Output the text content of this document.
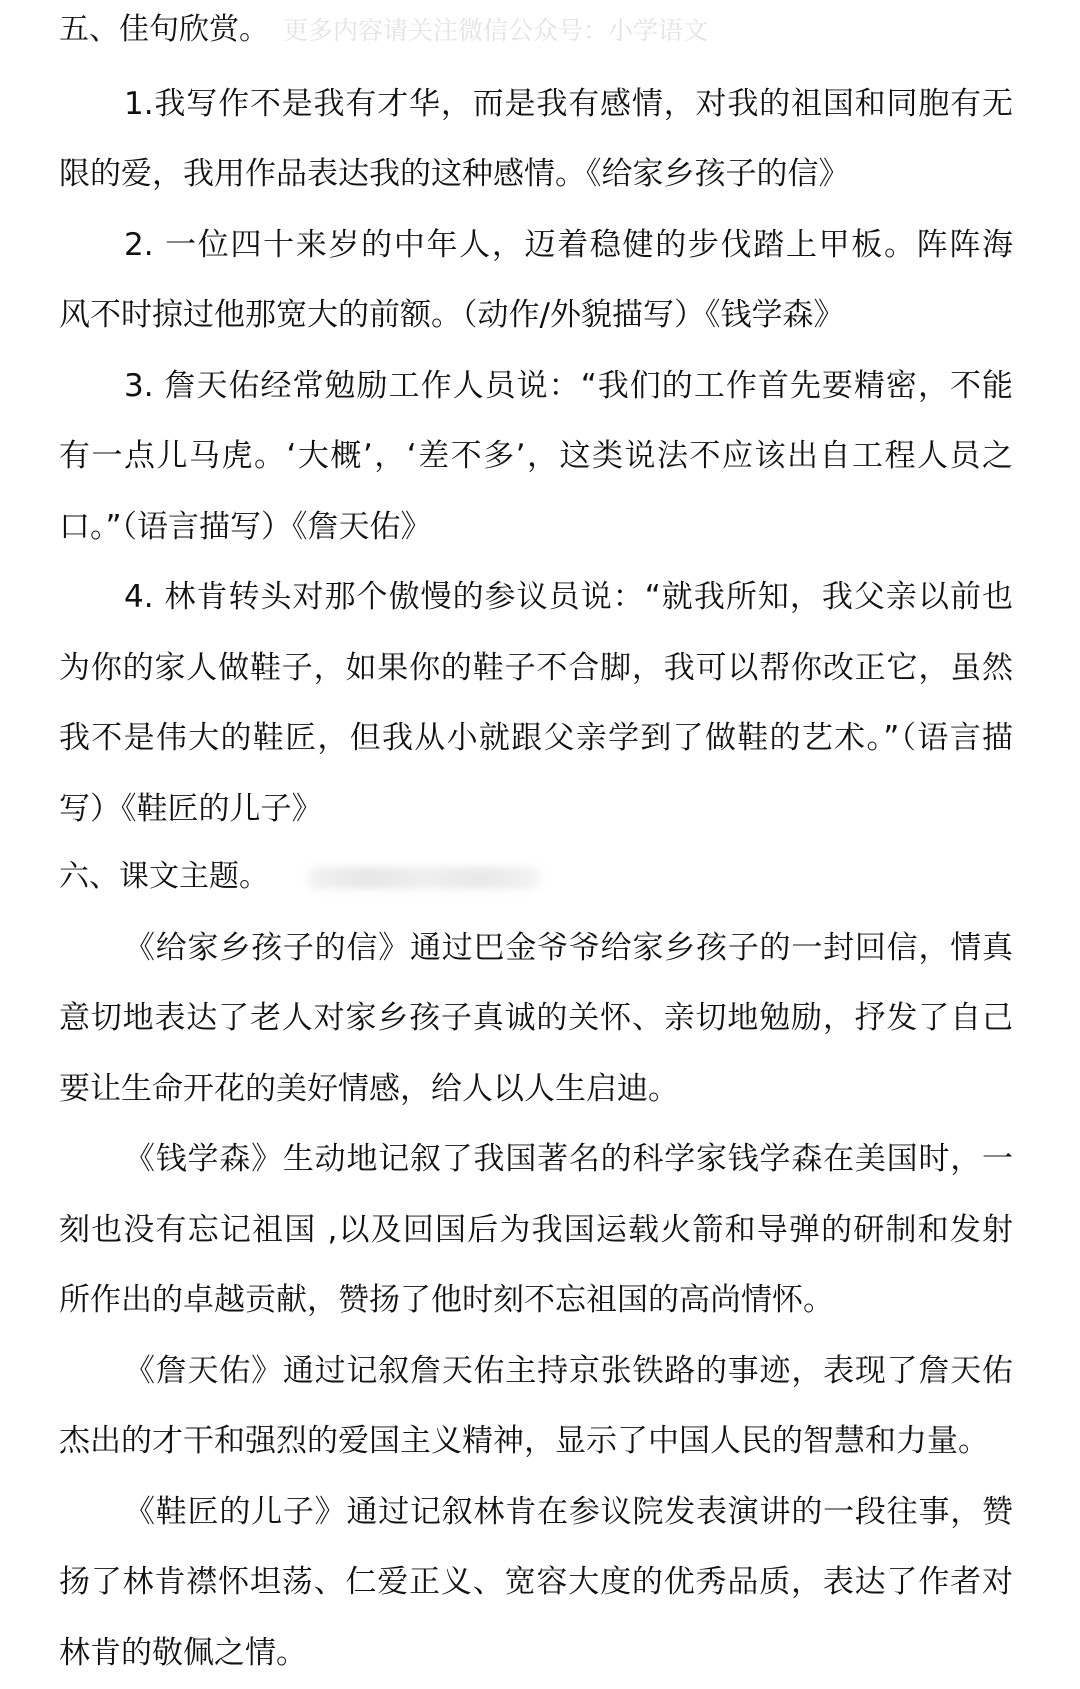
五、佳句欣赏。 更多内容请关注微信公众号：小学语文
1.我写作不是我有才华，而是我有感情，对我的祖国和同胞有无
限的爱，我用作品表达我的这种感情。《给家乡孩子的信》
2. 一位四十来岁的中年人，迈着稳健的步伐踏上甲板。阵阵海
风不时掠过他那宽大的前额。（动作/外貌描写）《钱学森》
3. 詹天佑经常勉励工作人员说：“我们的工作首先要精密，不能
有一点儿马虎。‘大概’，‘差不多’，这类说法不应该出自工程人员之
口。”（语言描写）《詹天佑》
4. 林肯转头对那个傲慢的参议员说：“就我所知，我父亲以前也
为你的家人做鞋子，如果你的鞋子不合脚，我可以帮你改正它，虽然
我不是伟大的鞋匠，但我从小就跟父亲学到了做鞋的艺术。”（语言描
写）《鞋匠的儿子》
六、课文主题。
《给家乡孩子的信》通过巴金爷爷给家乡孩子的一封回信，情真
意切地表达了老人对家乡孩子真诚的关怀、亲切地勉励，抒发了自己
要让生命开花的美好情感，给人以人生启迪。
《钱学森》生动地记叙了我国著名的科学家钱学森在美国时，一
刻也没有忘记祖国 ,以及回国后为我国运载火箭和导弹的研制和发射
所作出的卓越贡献，赞扬了他时刻不忘祖国的高尚情怀。
《詹天佑》通过记叙詹天佑主持京张铁路的事迹，表现了詹天佑
杰出的才干和强烈的爱国主义精神，显示了中国人民的智慧和力量。
《鞋匠的儿子》通过记叙林肯在参议院发表演讲的一段往事，赞
扬了林肯襟怀坦荡、仁爱正义、宽容大度的优秀品质，表达了作者对
林肯的敬佩之情。
